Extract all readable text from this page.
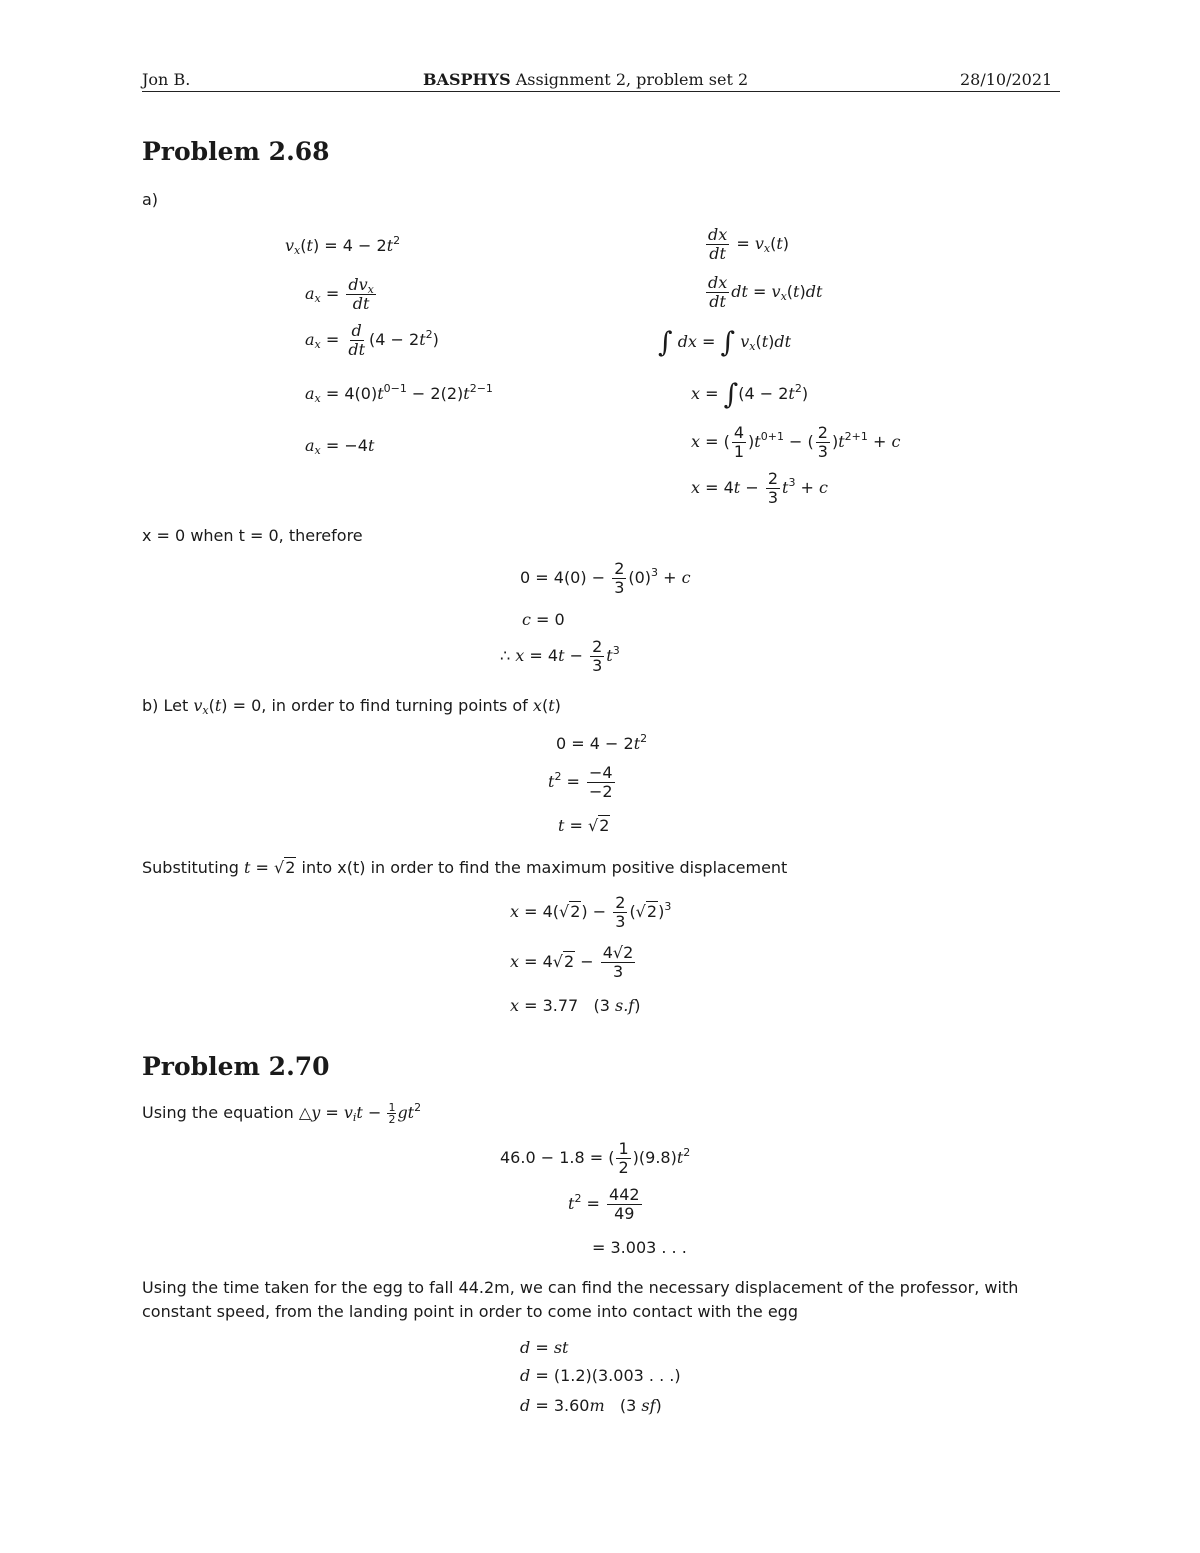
Jon B.	BASPHYS Assignment 2, problem set 2	28/10/2021
Problem 2.68
a)
$v_x(t) = 4 - 2t^2$
$a_x = \frac{dv_x}{dt}$
$a_x = \frac{d}{dt} (4 - 2t^2)$
$a_x = 4(0)t^{0-1} - 2(2)t^{2-1}$
$a_x = -4t$
$\frac{dx}{dt} = v_x(t)$
$\frac{dx}{dt}$ dt = $v_x(t)dt$
∫ dx = ∫ $v_x(t)dt$
$x = \int(4 - 2t^2)$
x = ( $\frac{4}{1} )t^{0+1}$ − ( $\frac{2}{3} )t^{2+1} + c$
$x = 4t - \frac{2}{3} t^3 + c$
x = 0 when t = 0, therefore
$0 = 4(0) - \frac{2}{3} (0)^3 + c$
c = 0
∴ $x = 4t - \frac{2}{3} t^3$
b) Let $v_x(t) = 0$, in order to find turning points of x(t)
$0 = 4 - 2t^2$
$t^2 = \frac{-4}{-2}$
t = √2
Substituting t = √2 into x(t) in order to find the maximum positive displacement
$x = 4(√2) - \frac{2}{3} (√2)^3$
$x = 4√2 - \frac{4√2}{3}$
x = 3.77   (3 s.f)
Problem 2.70
Using the equation △y = $v_it - \frac{1}{2} gt^2$
46.0 − 1.8 = ( $\frac{1}{2} )(9.8)t^2$
$t^2 = \frac{442}{49}$
= 3.003 . . .
Using the time taken for the egg to fall 44.2m, we can find the necessary displacement of the professor, with constant speed, from the landing point in order to come into contact with the egg
d = st
d = (1.2)(3.003 . . .)
d = 3.60m   (3 sf)
